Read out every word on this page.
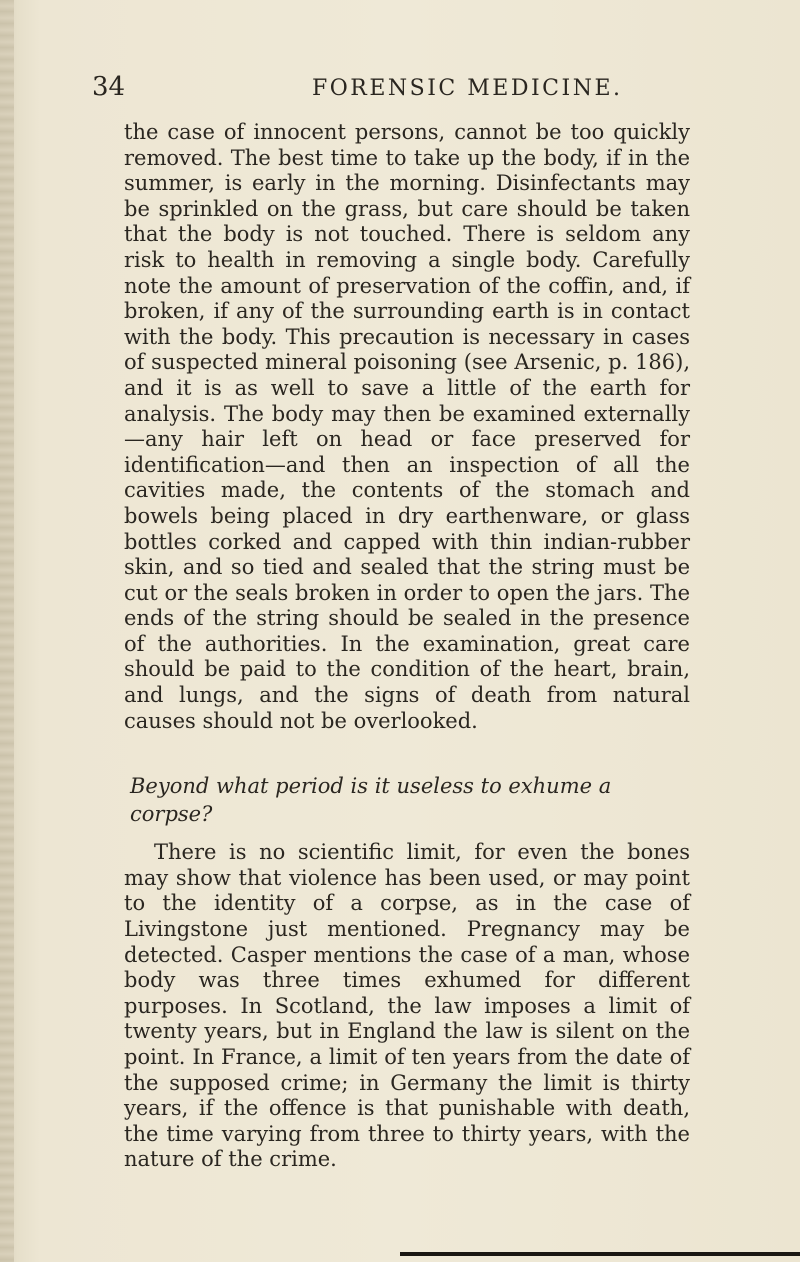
34	FORENSIC MEDICINE.

the case of innocent persons, cannot be too quickly removed. The best time to take up the body, if in the summer, is early in the morning. Disinfectants may be sprinkled on the grass, but care should be taken that the body is not touched. There is seldom any risk to health in removing a single body. Carefully note the amount of preservation of the coffin, and, if broken, if any of the surrounding earth is in contact with the body. This precaution is necessary in cases of suspected mineral poisoning (see Arsenic, p. 186), and it is as well to save a little of the earth for analysis. The body may then be examined externally—any hair left on head or face preserved for identification—and then an inspection of all the cavities made, the contents of the stomach and bowels being placed in dry earthenware, or glass bottles corked and capped with thin indian-rubber skin, and so tied and sealed that the string must be cut or the seals broken in order to open the jars. The ends of the string should be sealed in the presence of the authorities. In the examination, great care should be paid to the condition of the heart, brain, and lungs, and the signs of death from natural causes should not be overlooked.

Beyond what period is it useless to exhume a corpse?

There is no scientific limit, for even the bones may show that violence has been used, or may point to the identity of a corpse, as in the case of Livingstone just mentioned. Pregnancy may be detected. Casper mentions the case of a man, whose body was three times exhumed for different purposes. In Scotland, the law imposes a limit of twenty years, but in England the law is silent on the point. In France, a limit of ten years from the date of the supposed crime; in Germany the limit is thirty years, if the offence is that punishable with death, the time varying from three to thirty years, with the nature of the crime.
